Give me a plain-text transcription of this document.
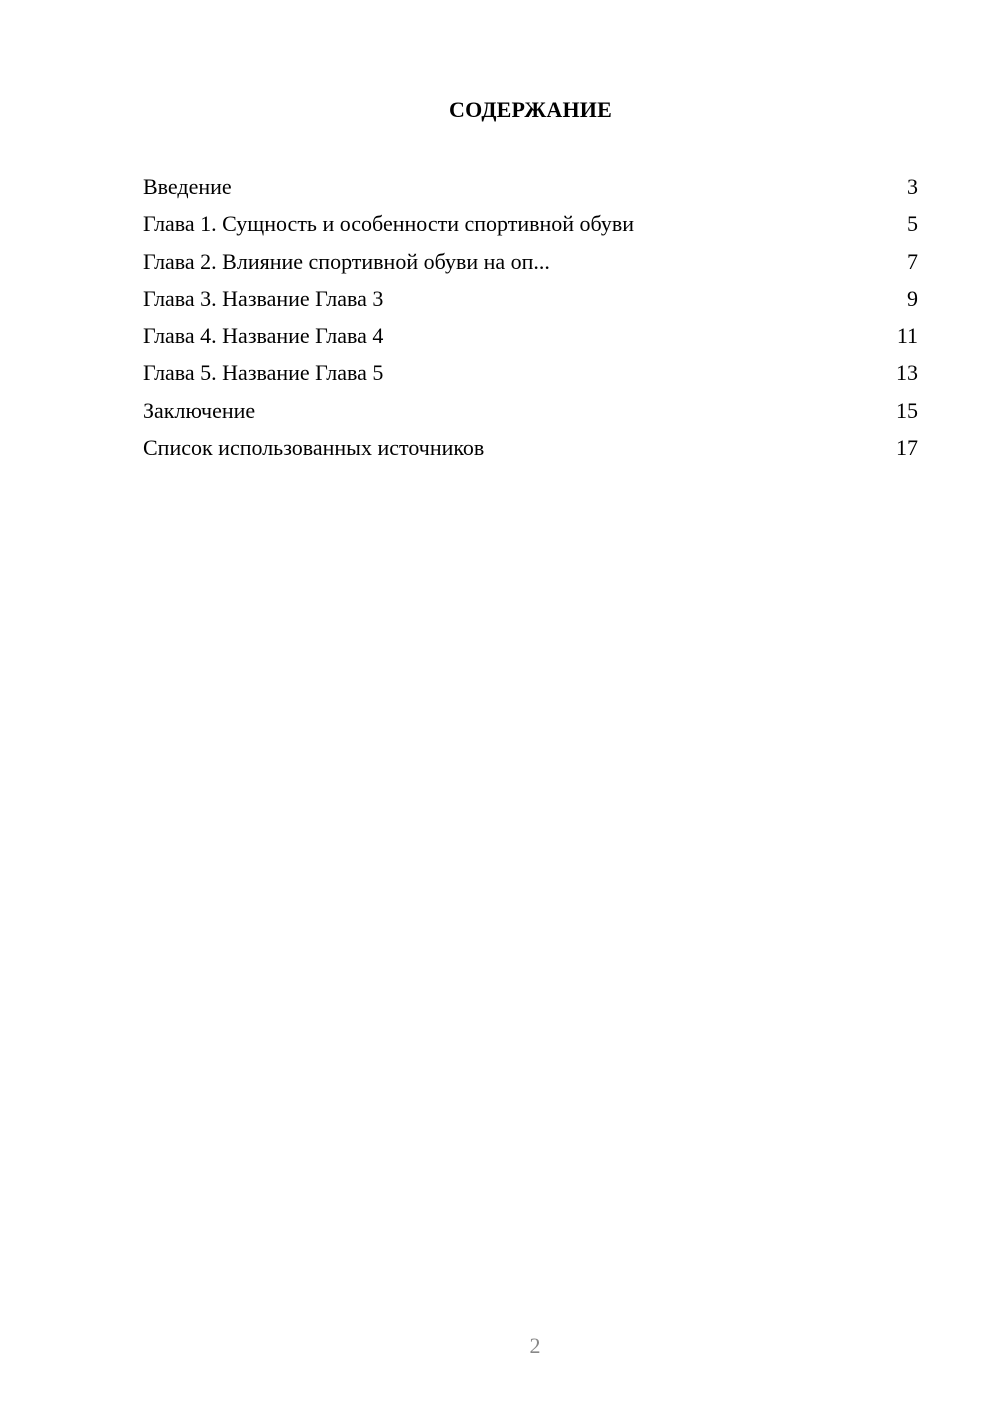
СОДЕРЖАНИЕ
Введение	3
Глава 1. Сущность и особенности спортивной обуви	5
Глава 2. Влияние спортивной обуви на оп...	7
Глава 3. Название Глава 3	9
Глава 4. Название Глава 4	11
Глава 5. Название Глава 5	13
Заключение	15
Список использованных источников	17
2
